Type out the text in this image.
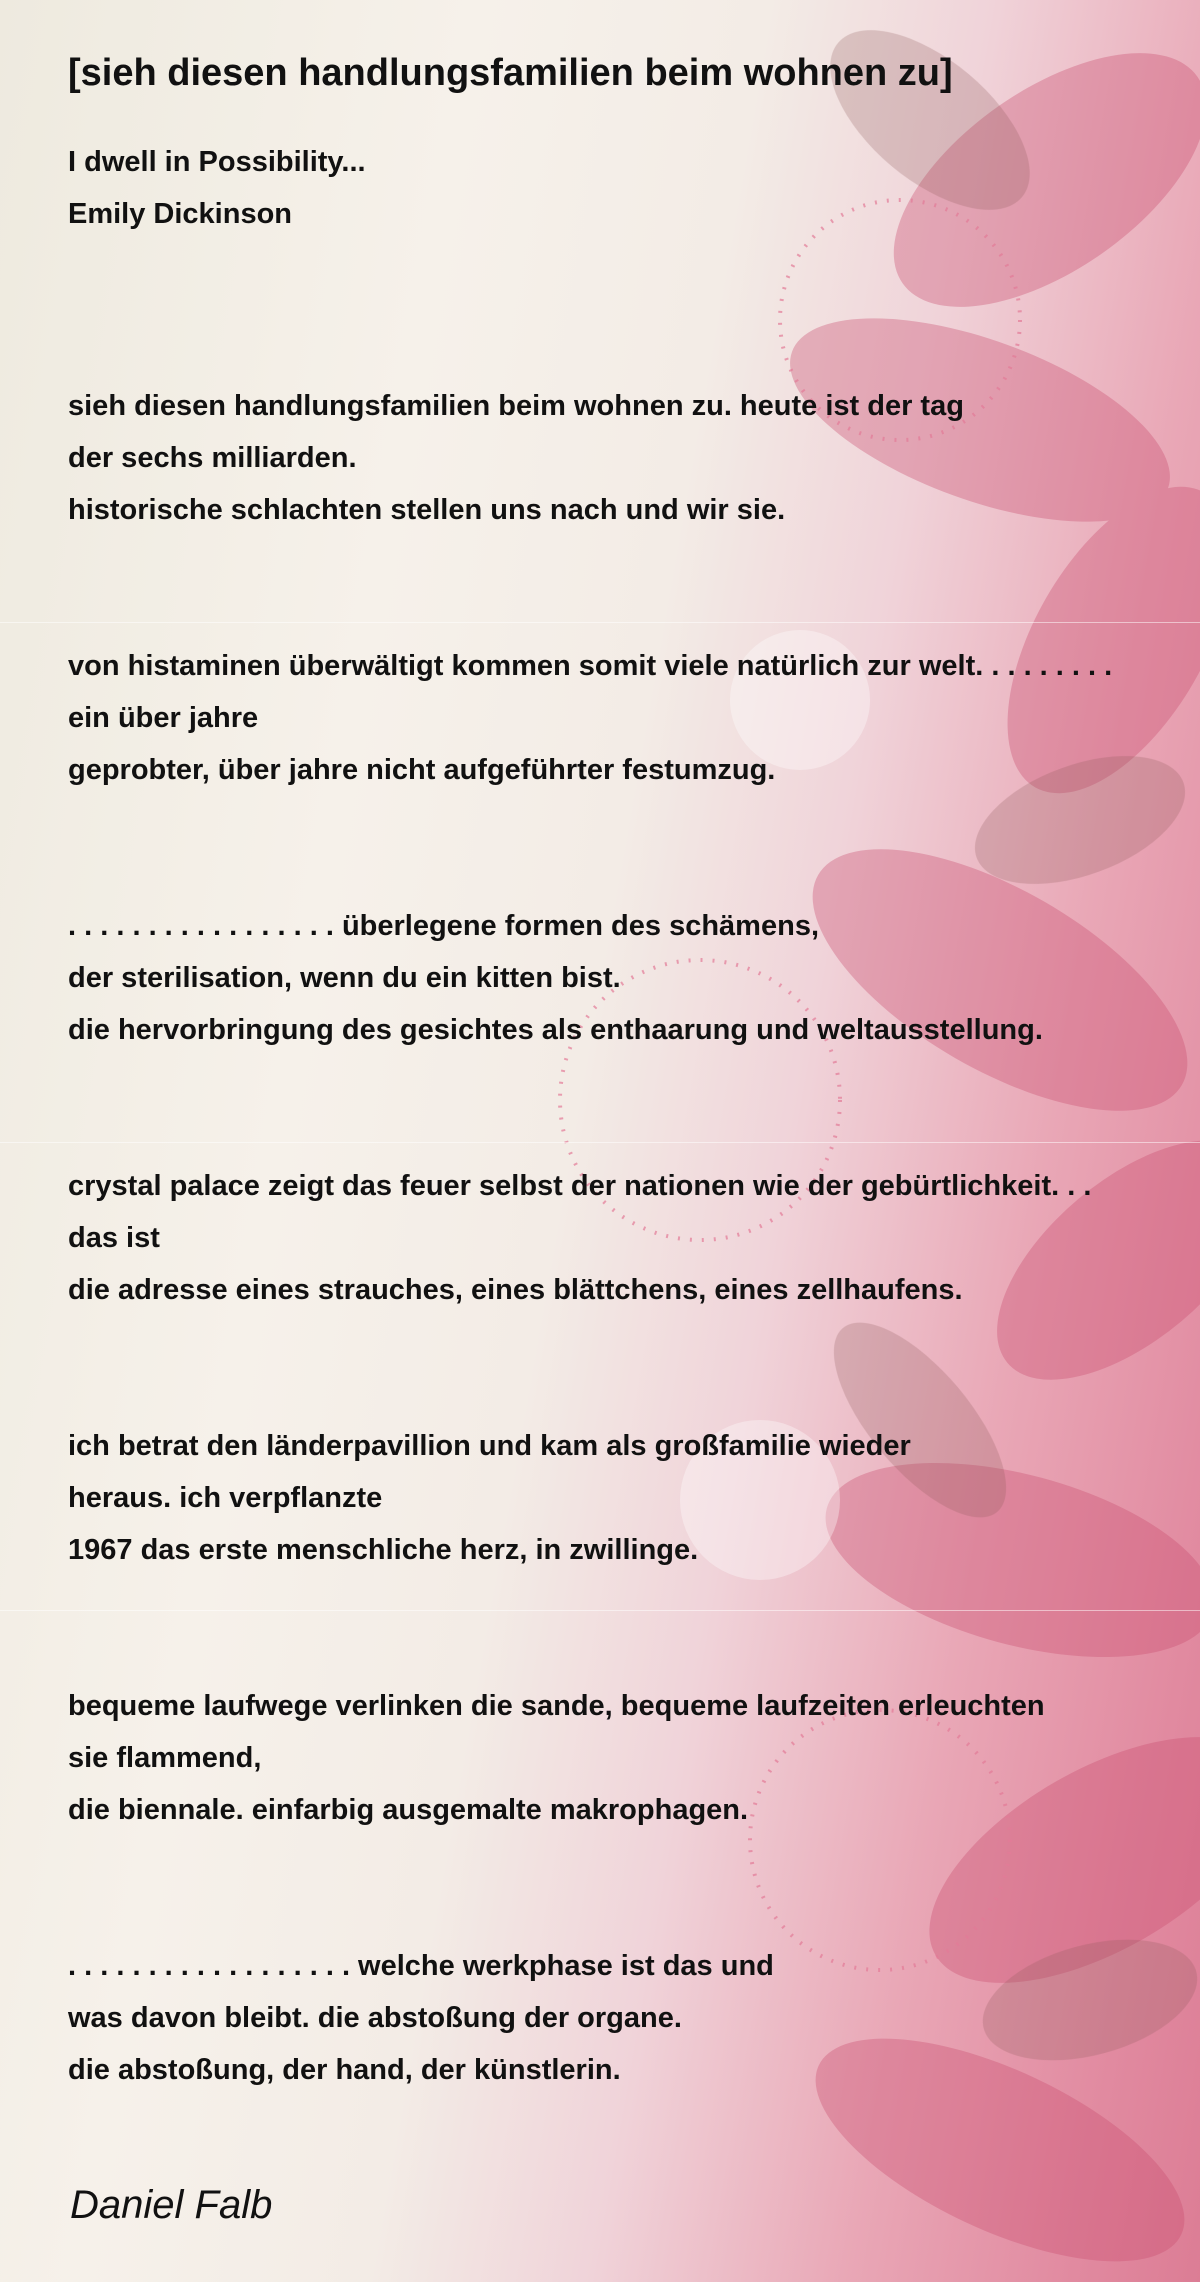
[sieh diesen handlungsfamilien beim wohnen zu]
I dwell in Possibility...
Emily Dickinson
sieh diesen handlungsfamilien beim wohnen zu. heute ist der tag
der sechs milliarden.
historische schlachten stellen uns nach und wir sie.
von histaminen überwältigt kommen somit viele natürlich zur welt. . . . . . . . .
ein über jahre
geprobter, über jahre nicht aufgeführter festumzug.
. . . . . . . . . . . . . . . . . überlegene formen des schämens,
der sterilisation, wenn du ein kitten bist.
die hervorbringung des gesichtes als enthaarung und weltausstellung.
crystal palace zeigt das feuer selbst der nationen wie der gebürtlichkeit. . .
das ist
die adresse eines strauches, eines blättchens, eines zellhaufens.
ich betrat den länderpavillion und kam als großfamilie wieder
heraus. ich verpflanzte
1967 das erste menschliche herz, in zwillinge.
bequeme laufwege verlinken die sande, bequeme laufzeiten erleuchten
sie flammend,
die biennale. einfarbig ausgemalte makrophagen.
. . . . . . . . . . . . . . . . . . welche werkphase ist das und
was davon bleibt. die abstoßung der organe.
die abstoßung, der hand, der künstlerin.
Daniel Falb
